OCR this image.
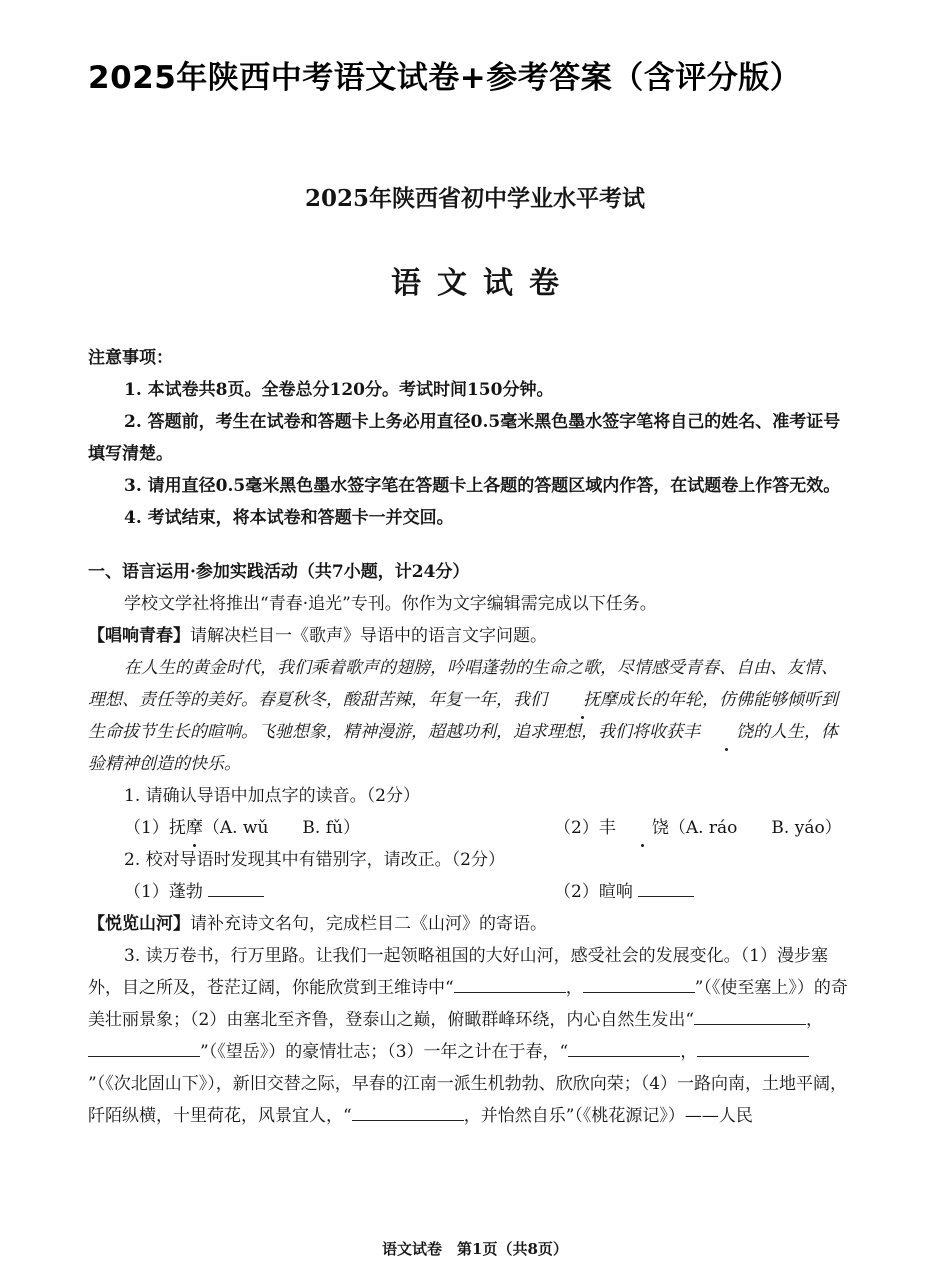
2025年陕西中考语文试卷+参考答案（含评分版）
2025年陕西省初中学业水平考试
语文试卷

注意事项：

1. 本试卷共8页。全卷总分120分。考试时间150分钟。

2. 答题前，考生在试卷和答题卡上务必用直径0.5毫米黑色墨水签字笔将自己的姓名、准考证号填写清楚。

3. 请用直径0.5毫米黑色墨水签字笔在答题卡上各题的答题区域内作答，在试题卷上作答无效。

4. 考试结束，将本试卷和答题卡一并交回。

一、语言运用·参加实践活动（共7小题，计24分）

学校文学社将推出“青春·追光”专刊。你作为文字编辑需完成以下任务。

【唱响青春】请解决栏目一《歌声》导语中的语言文字问题。

在人生的黄金时代，我们乘着歌声的翅膀，吟唱蓬勃的生命之歌，尽情感受青春、自由、友情、理想、责任等的美好。春夏秋冬，酸甜苦辣，年复一年，我们 抚摩成长的年轮，仿佛能够倾听到生命拔节生长的暄响。飞驰想象，精神漫游，超越功利，追求理想，我们将收获丰 饶的人生，体验精神创造的快乐。

1. 请确认导语中加点字的读音。（2分）

（1）抚摩（A. wǔ　　B. fǔ）	（2）丰 饶（A. ráo　　B. yáo）

2. 校对导语时发现其中有错别字，请改正。（2分）

（1）蓬勃	（2）暄响

【悦览山河】请补充诗文名句，完成栏目二《山河》的寄语。

3. 读万卷书，行万里路。让我们一起领略祖国的大好山河，感受社会的发展变化。（1）漫步塞外，目之所及，苍茫辽阔，你能欣赏到王维诗中“	，	”（《使至塞上》）的奇美壮丽景象；（2）由塞北至齐鲁，登泰山之巅，俯瞰群峰环绕，内心自然生发出“	，”（《望岳》）的豪情壮志；（3）一年之计在于春，“	，”（《次北固山下》），新旧交替之际，早春的江南一派生机勃勃、欣欣向荣；（4）一路向南，土地平阔，阡陌纵横，十里荷花，风景宜人，“	，并怡然自乐”（《桃花源记》）——人民

语文试卷　第1页（共8页）
